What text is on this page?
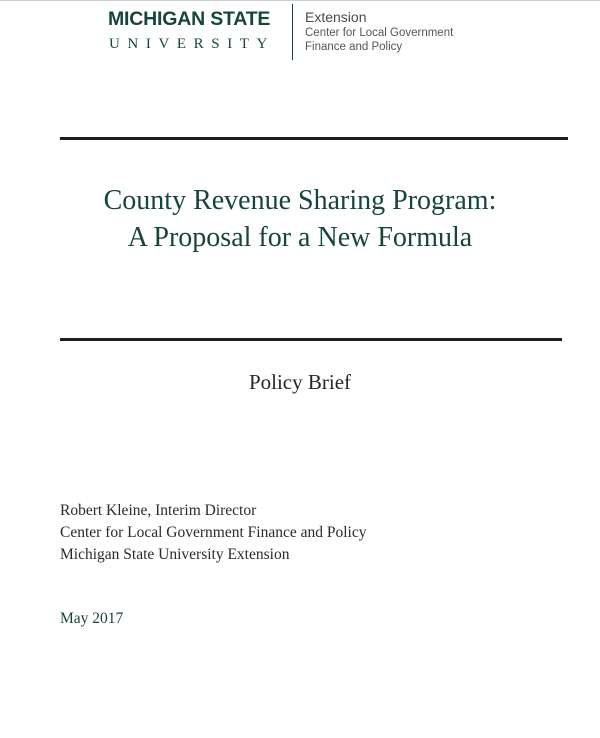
MICHIGAN STATE
UNIVERSITY
Extension
Center for Local Government
Finance and Policy
County Revenue Sharing Program:
A Proposal for a New Formula
Policy Brief
Robert Kleine, Interim Director
Center for Local Government Finance and Policy
Michigan State University Extension
May 2017
